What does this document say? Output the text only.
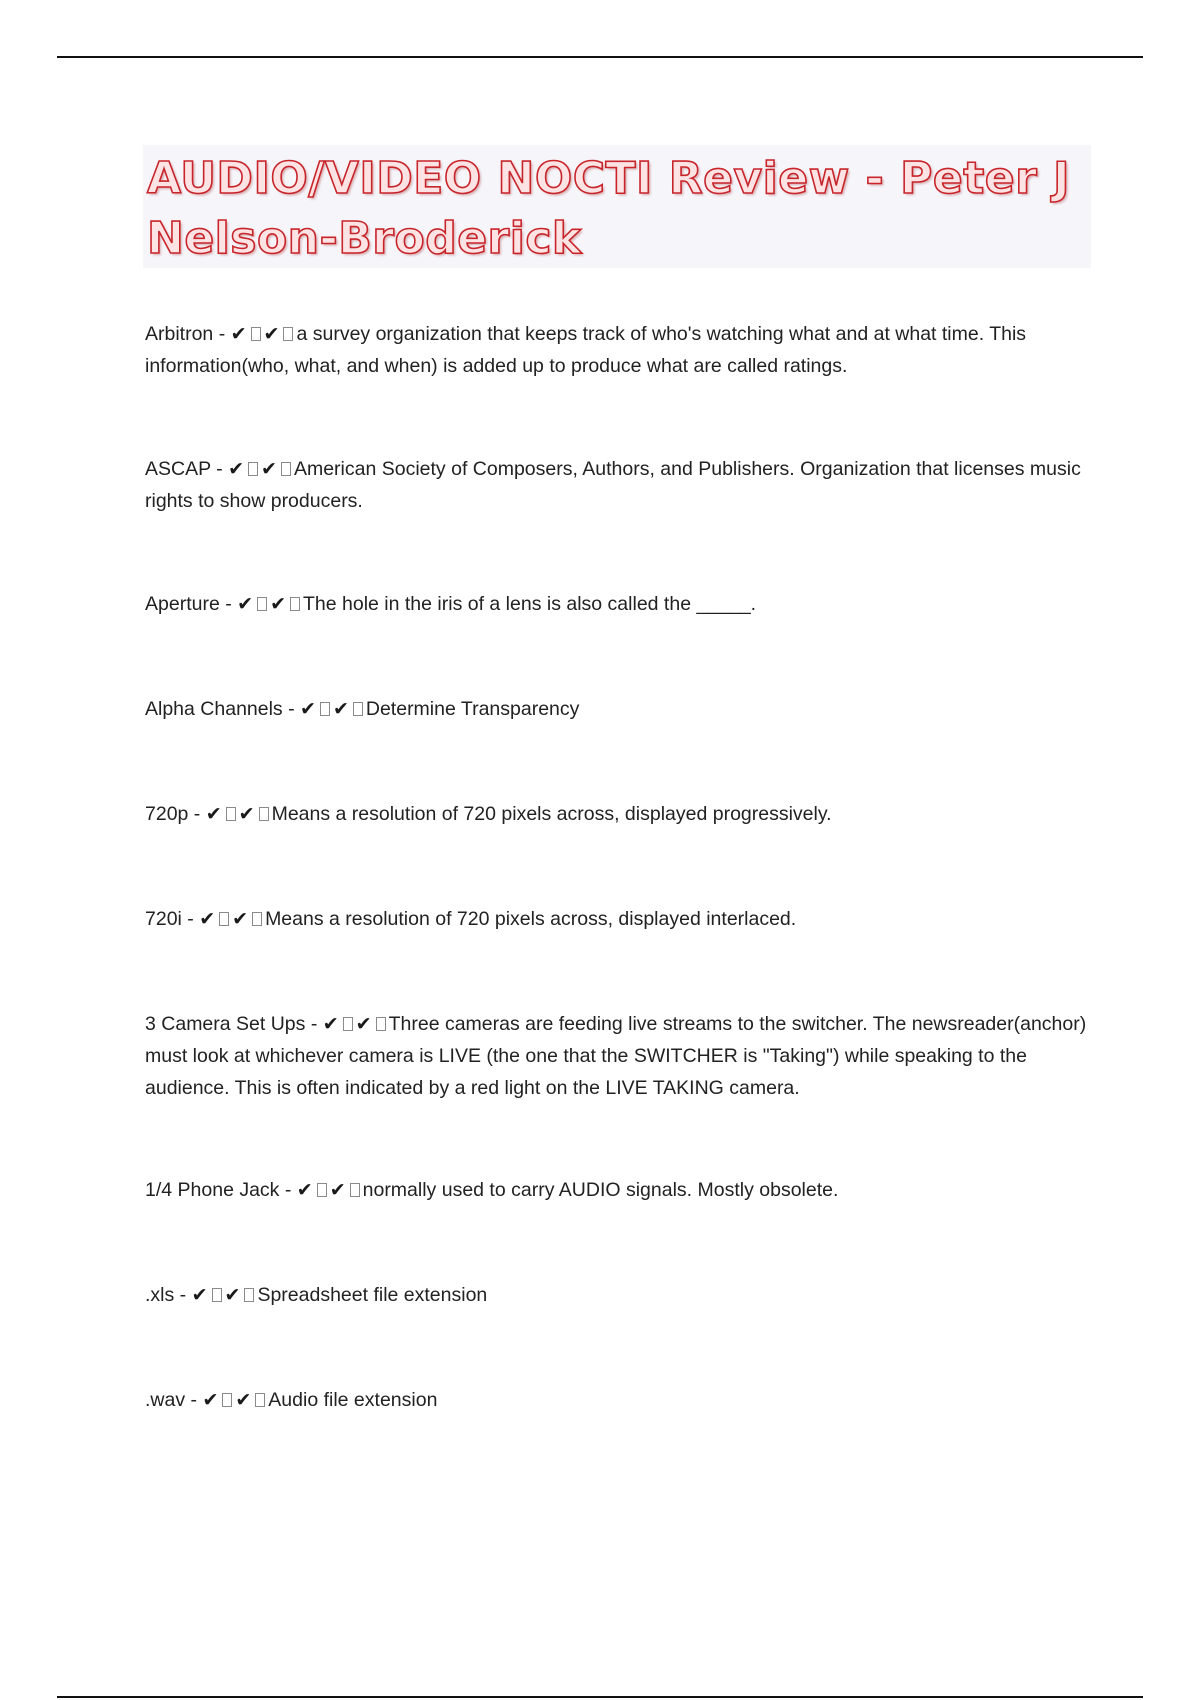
AUDIO/VIDEO NOCTI Review - Peter J Nelson-Broderick
Arbitron - ✔ ✔ a survey organization that keeps track of who's watching what and at what time. This information(who, what, and when) is added up to produce what are called ratings.
ASCAP - ✔ ✔ American Society of Composers, Authors, and Publishers. Organization that licenses music rights to show producers.
Aperture - ✔ ✔ The hole in the iris of a lens is also called the _____.
Alpha Channels - ✔ ✔ Determine Transparency
720p - ✔ ✔ Means a resolution of 720 pixels across, displayed progressively.
720i - ✔ ✔ Means a resolution of 720 pixels across, displayed interlaced.
3 Camera Set Ups - ✔ ✔ Three cameras are feeding live streams to the switcher. The newsreader(anchor) must look at whichever camera is LIVE (the one that the SWITCHER is "Taking") while speaking to the audience. This is often indicated by a red light on the LIVE TAKING camera.
1/4 Phone Jack - ✔ ✔ normally used to carry AUDIO signals. Mostly obsolete.
.xls - ✔ ✔ Spreadsheet file extension
.wav - ✔ ✔ Audio file extension
